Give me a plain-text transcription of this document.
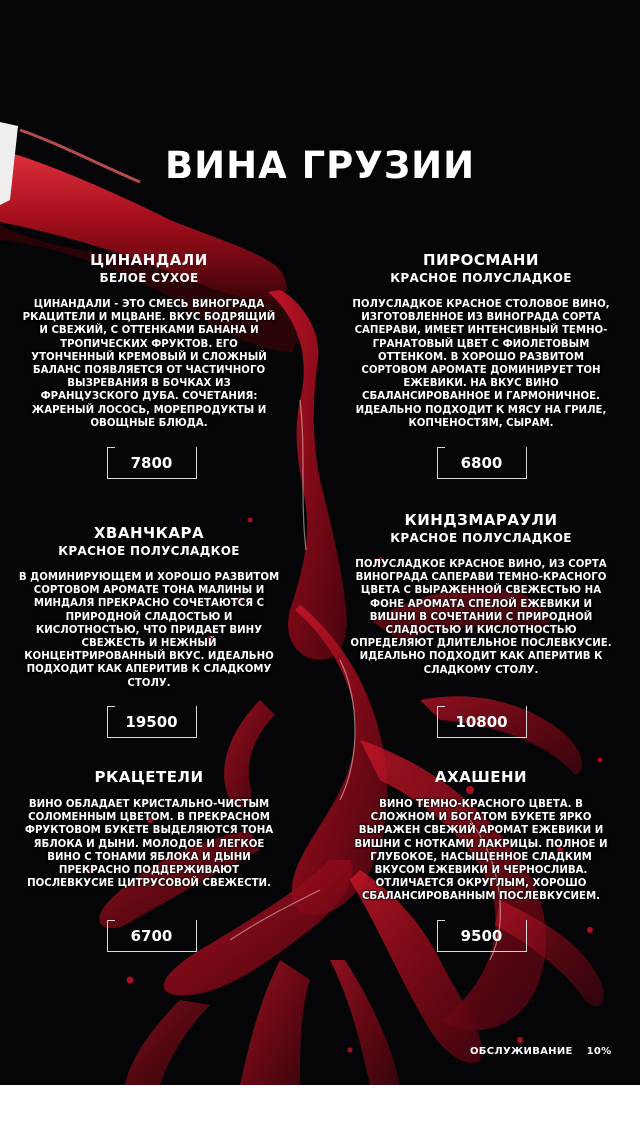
ВИНА ГРУЗИИ
ЦИНАНДАЛИ
БЕЛОЕ СУХОЕ
ЦИНАНДАЛИ - ЭТО СМЕСЬ ВИНОГРАДА РКАЦИТЕЛИ И МЦВАНЕ. ВКУС БОДРЯЩИЙ И СВЕЖИЙ, С ОТТЕНКАМИ БАНАНА И ТРОПИЧЕСКИХ ФРУКТОВ. ЕГО УТОНЧЕННЫЙ КРЕМОВЫЙ И СЛОЖНЫЙ БАЛАНС ПОЯВЛЯЕТСЯ ОТ ЧАСТИЧНОГО ВЫЗРЕВАНИЯ В БОЧКАХ ИЗ ФРАНЦУЗСКОГО ДУБА. СОЧЕТАНИЯ: ЖАРЕНЫЙ ЛОСОСЬ, МОРЕПРОДУКТЫ И ОВОЩНЫЕ БЛЮДА.
7800
ПИРОСМАНИ
КРАСНОЕ ПОЛУСЛАДКОЕ
ПОЛУСЛАДКОЕ КРАСНОЕ СТОЛОВОЕ ВИНО, ИЗГОТОВЛЕННОЕ ИЗ ВИНОГРАДА СОРТА САПЕРАВИ, ИМЕЕТ ИНТЕНСИВНЫЙ ТЕМНО-ГРАНАТОВЫЙ ЦВЕТ С ФИОЛЕТОВЫМ ОТТЕНКОМ. В ХОРОШО РАЗВИТОМ СОРТОВОМ АРОМАТЕ ДОМИНИРУЕТ ТОН ЕЖЕВИКИ. НА ВКУС ВИНО СБАЛАНСИРОВАННОЕ И ГАРМОНИЧНОЕ. ИДЕАЛЬНО ПОДХОДИТ К МЯСУ НА ГРИЛЕ, КОПЧЕНОСТЯМ, СЫРАМ.
6800
ХВАНЧКАРА
КРАСНОЕ ПОЛУСЛАДКОЕ
В ДОМИНИРУЮЩЕМ И ХОРОШО РАЗВИТОМ СОРТОВОМ АРОМАТЕ ТОНА МАЛИНЫ И МИНДАЛЯ ПРЕКРАСНО СОЧЕТАЮТСЯ С ПРИРОДНОЙ СЛАДОСТЬЮ И КИСЛОТНОСТЬЮ, ЧТО ПРИДАЕТ ВИНУ СВЕЖЕСТЬ И НЕЖНЫЙ КОНЦЕНТРИРОВАННЫЙ ВКУС. ИДЕАЛЬНО ПОДХОДИТ КАК АПЕРИТИВ К СЛАДКОМУ СТОЛУ.
19500
КИНДЗМАРАУЛИ
КРАСНОЕ ПОЛУСЛАДКОЕ
ПОЛУСЛАДКОЕ КРАСНОЕ ВИНО, ИЗ СОРТА ВИНОГРАДА САПЕРАВИ ТЕМНО-КРАСНОГО ЦВЕТА С ВЫРАЖЕННОЙ СВЕЖЕСТЬЮ НА ФОНЕ АРОМАТА СПЕЛОЙ ЕЖЕВИКИ И ВИШНИ В СОЧЕТАНИИ С ПРИРОДНОЙ СЛАДОСТЬЮ И КИСЛОТНОСТЬЮ ОПРЕДЕЛЯЮТ ДЛИТЕЛЬНОЕ ПОСЛЕВКУСИЕ. ИДЕАЛЬНО ПОДХОДИТ КАК АПЕРИТИВ К СЛАДКОМУ СТОЛУ.
10800
РКАЦЕТЕЛИ
ВИНО ОБЛАДАЕТ КРИСТАЛЬНО-ЧИСТЫМ СОЛОМЕННЫМ ЦВЕТОМ. В ПРЕКРАСНОМ ФРУКТОВОМ БУКЕТЕ ВЫДЕЛЯЮТСЯ ТОНА ЯБЛОКА И ДЫНИ. МОЛОДОЕ И ЛЕГКОЕ ВИНО С ТОНАМИ ЯБЛОКА И ДЫНИ ПРЕКРАСНО ПОДДЕРЖИВАЮТ ПОСЛЕВКУСИЕ ЦИТРУСОВОЙ СВЕЖЕСТИ.
6700
АХАШЕНИ
ВИНО ТЕМНО-КРАСНОГО ЦВЕТА. В СЛОЖНОМ И БОГАТОМ БУКЕТЕ ЯРКО ВЫРАЖЕН СВЕЖИЙ АРОМАТ ЕЖЕВИКИ И ВИШНИ С НОТКАМИ ЛАКРИЦЫ. ПОЛНОЕ И ГЛУБОКОЕ, НАСЫЩЕННОЕ СЛАДКИМ ВКУСОМ ЕЖЕВИКИ И ЧЕРНОСЛИВА. ОТЛИЧАЕТСЯ ОКРУГЛЫМ, ХОРОШО СБАЛАНСИРОВАННЫМ ПОСЛЕВКУСИЕМ.
9500
ОБСЛУЖИВАНИЕ 10%
